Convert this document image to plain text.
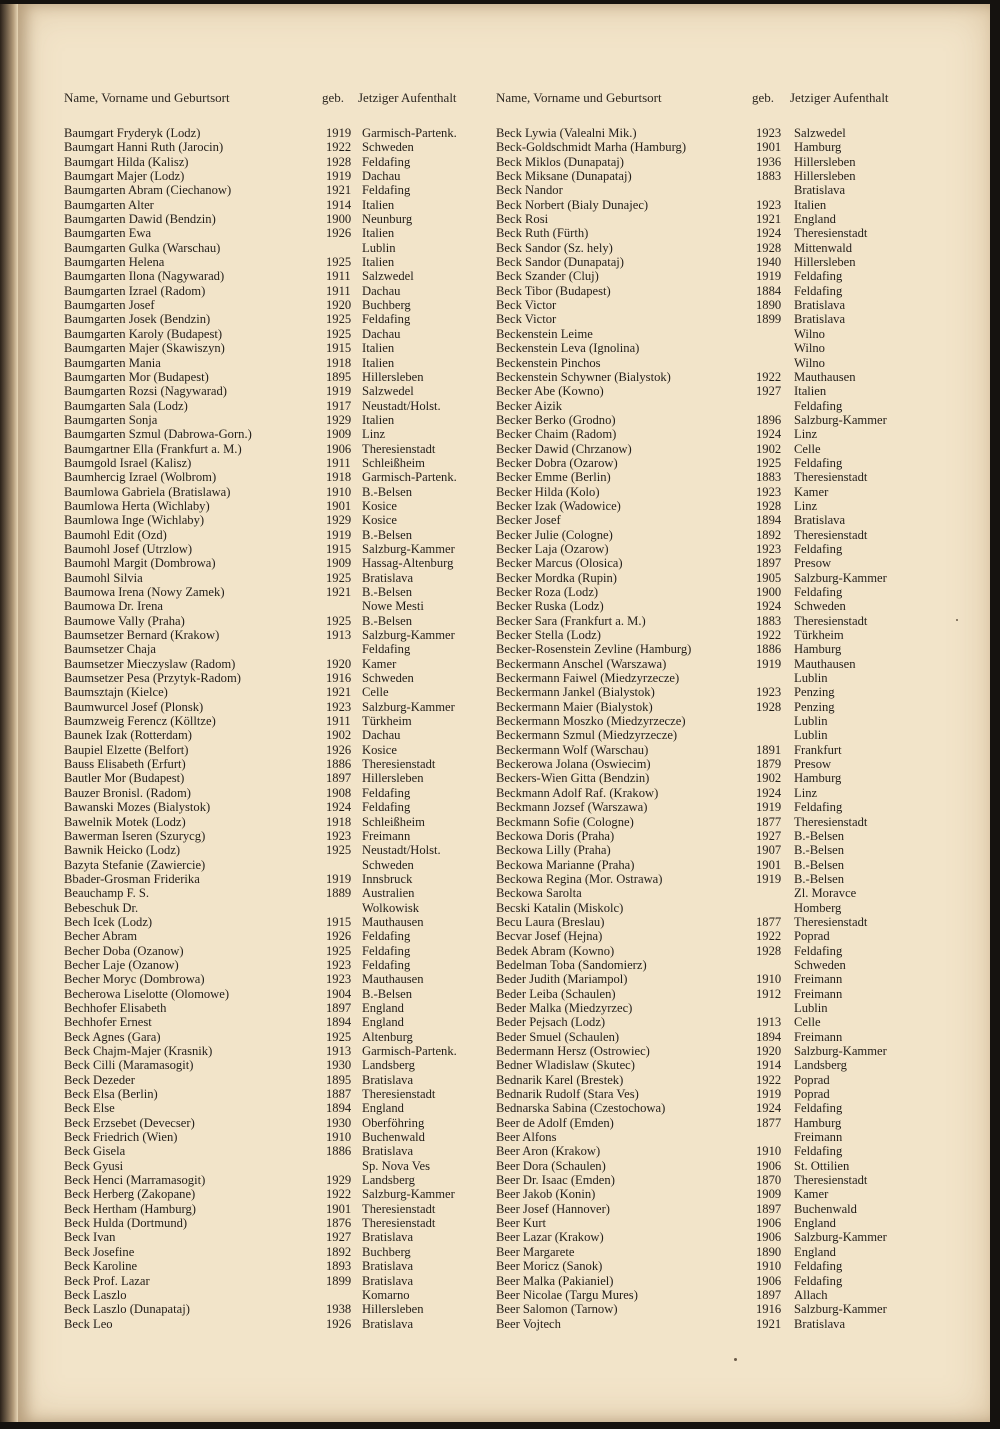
Name, Vorname und Geburtsort	geb. Jetziger Aufenthalt
Baumgart Fryderyk (Lodz)	1919 Garmisch-Partenk.
Baumgart Hanni Ruth (Jarocin)	1922 Schweden
Baumgart Hilda (Kalisz)	1928 Feldafing
Baumgart Majer (Lodz)	1919 Dachau
Baumgarten Abram (Ciechanow)	1921 Feldafing
Baumgarten Alter	1914 Italien
Baumgarten Dawid (Bendzin)	1900 Neunburg
Baumgarten Ewa	1926 Italien
Baumgarten Gulka (Warschau)	Lublin
Baumgarten Helena	1925 Italien
Baumgarten Ilona (Nagywarad)	1911 Salzwedel
Baumgarten Izrael (Radom)	1911 Dachau
Baumgarten Josef	1920 Buchberg
Baumgarten Josek (Bendzin)	1925 Feldafing
Baumgarten Karoly (Budapest)	1925 Dachau
Baumgarten Majer (Skawiszyn)	1915 Italien
Baumgarten Mania	1918 Italien
Baumgarten Mor (Budapest)	1895 Hillersleben
Baumgarten Rozsi (Nagywarad)	1919 Salzwedel
Baumgarten Sala (Lodz)	1917 Neustadt/Holst.
Baumgarten Sonja	1929 Italien
Baumgarten Szmul (Dabrowa-Gorn.)	1909 Linz
Baumgartner Ella (Frankfurt a. M.)	1906 Theresienstadt
Baumgold Israel (Kalisz)	1911 Schleißheim
Baumhercig Izrael (Wolbrom)	1918 Garmisch-Partenk.
Baumlowa Gabriela (Bratislawa)	1910 B.-Belsen
Baumlowa Herta (Wichlaby)	1901 Kosice
Baumlowa Inge (Wichlaby)	1929 Kosice
Baumohl Edit (Ozd)	1919 B.-Belsen
Baumohl Josef (Utrzlow)	1915 Salzburg-Kammer
Baumohl Margit (Dombrowa)	1909 Hassag-Altenburg
Baumohl Silvia	1925 Bratislava
Baumowa Irena (Nowy Zamek)	1921 B.-Belsen
Baumowa Dr. Irena	Nowe Mesti
Baumowe Vally (Praha)	1925 B.-Belsen
Baumsetzer Bernard (Krakow)	1913 Salzburg-Kammer
Baumsetzer Chaja	Feldafing
Baumsetzer Mieczyslaw (Radom)	1920 Kamer
Baumsetzer Pesa (Przytyk-Radom)	1916 Schweden
Baumsztajn (Kielce)	1921 Celle
Baumwurcel Josef (Plonsk)	1923 Salzburg-Kammer
Baumzweig Ferencz (Kölltze)	1911 Türkheim
Baunek Izak (Rotterdam)	1902 Dachau
Baupiel Elzette (Belfort)	1926 Kosice
Bauss Elisabeth (Erfurt)	1886 Theresienstadt
Bautler Mor (Budapest)	1897 Hillersleben
Bauzer Bronisl. (Radom)	1908 Feldafing
Bawanski Mozes (Bialystok)	1924 Feldafing
Bawelnik Motek (Lodz)	1918 Schleißheim
Bawerman Iseren (Szurycg)	1923 Freimann
Bawnik Heicko (Lodz)	1925 Neustadt/Holst.
Bazyta Stefanie (Zawiercie)	Schweden
Bbader-Grosman Friderika	1919 Innsbruck
Beauchamp F. S.	1889 Australien
Bebeschuk Dr.	Wolkowisk
Bech Icek (Lodz)	1915 Mauthausen
Becher Abram	1926 Feldafing
Becher Doba (Ozanow)	1925 Feldafing
Becher Laje (Ozanow)	1923 Feldafing
Becher Moryc (Dombrowa)	1923 Mauthausen
Becherowa Liselotte (Olomowe)	1904 B.-Belsen
Bechhofer Elisabeth	1897 England
Bechhofer Ernest	1894 England
Beck Agnes (Gara)	1925 Altenburg
Beck Chajm-Majer (Krasnik)	1913 Garmisch-Partenk.
Beck Cilli (Maramasogit)	1930 Landsberg
Beck Dezeder	1895 Bratislava
Beck Elsa (Berlin)	1887 Theresienstadt
Beck Else	1894 England
Beck Erzsebet (Devecser)	1930 Oberföhring
Beck Friedrich (Wien)	1910 Buchenwald
Beck Gisela	1886 Bratislava
Beck Gyusi	Sp. Nova Ves
Beck Henci (Marramasogit)	1929 Landsberg
Beck Herberg (Zakopane)	1922 Salzburg-Kammer
Beck Hertham (Hamburg)	1901 Theresienstadt
Beck Hulda (Dortmund)	1876 Theresienstadt
Beck Ivan	1927 Bratislava
Beck Josefine	1892 Buchberg
Beck Karoline	1893 Bratislava
Beck Prof. Lazar	1899 Bratislava
Beck Laszlo	Komarno
Beck Laszlo (Dunapataj)	1938 Hillersleben
Beck Leo	1926 Bratislava
Name, Vorname und Geburtsort	geb. Jetziger Aufenthalt
Beck Lywia (Valealni Mik.)	1923 Salzwedel
Beck-Goldschmidt Marha (Hamburg)	1901 Hamburg
Beck Miklos (Dunapataj)	1936 Hillersleben
Beck Miksane (Dunapataj)	1883 Hillersleben
Beck Nandor	Bratislava
Beck Norbert (Bialy Dunajec)	1923 Italien
Beck Rosi	1921 England
Beck Ruth (Fürth)	1924 Theresienstadt
Beck Sandor (Sz. hely)	1928 Mittenwald
Beck Sandor (Dunapataj)	1940 Hillersleben
Beck Szander (Cluj)	1919 Feldafing
Beck Tibor (Budapest)	1884 Feldafing
Beck Victor	1890 Bratislava
Beck Victor	1899 Bratislava
Beckenstein Leime	Wilno
Beckenstein Leva (Ignolina)	Wilno
Beckenstein Pinchos	Wilno
Beckenstein Schywner (Bialystok)	1922 Mauthausen
Becker Abe (Kowno)	1927 Italien
Becker Aizik	Feldafing
Becker Berko (Grodno)	1896 Salzburg-Kammer
Becker Chaim (Radom)	1924 Linz
Becker Dawid (Chrzanow)	1902 Celle
Becker Dobra (Ozarow)	1925 Feldafing
Becker Emme (Berlin)	1883 Theresienstadt
Becker Hilda (Kolo)	1923 Kamer
Becker Izak (Wadowice)	1928 Linz
Becker Josef	1894 Bratislava
Becker Julie (Cologne)	1892 Theresienstadt
Becker Laja (Ozarow)	1923 Feldafing
Becker Marcus (Olosica)	1897 Presow
Becker Mordka (Rupin)	1905 Salzburg-Kammer
Becker Roza (Lodz)	1900 Feldafing
Becker Ruska (Lodz)	1924 Schweden
Becker Sara (Frankfurt a. M.)	1883 Theresienstadt
Becker Stella (Lodz)	1922 Türkheim
Becker-Rosenstein Zevline (Hamburg)	1886 Hamburg
Beckermann Anschel (Warszawa)	1919 Mauthausen
Beckermann Faiwel (Miedzyrzecze)	Lublin
Beckermann Jankel (Bialystok)	1923 Penzing
Beckermann Maier (Bialystok)	1928 Penzing
Beckermann Moszko (Miedzyrzecze)	Lublin
Beckermann Szmul (Miedzyrzecze)	Lublin
Beckermann Wolf (Warschau)	1891 Frankfurt
Beckerowa Jolana (Oswiecim)	1879 Presow
Beckers-Wien Gitta (Bendzin)	1902 Hamburg
Beckmann Adolf Raf. (Krakow)	1924 Linz
Beckmann Jozsef (Warszawa)	1919 Feldafing
Beckmann Sofie (Cologne)	1877 Theresienstadt
Beckowa Doris (Praha)	1927 B.-Belsen
Beckowa Lilly (Praha)	1907 B.-Belsen
Beckowa Marianne (Praha)	1901 B.-Belsen
Beckowa Regina (Mor. Ostrawa)	1919 B.-Belsen
Beckowa Sarolta	Zl. Moravce
Becski Katalin (Miskolc)	Homberg
Becu Laura (Breslau)	1877 Theresienstadt
Becvar Josef (Hejna)	1922 Poprad
Bedek Abram (Kowno)	1928 Feldafing
Bedelman Toba (Sandomierz)	Schweden
Beder Judith (Mariampol)	1910 Freimann
Beder Leiba (Schaulen)	1912 Freimann
Beder Malka (Miedzyrzec)	Lublin
Beder Pejsach (Lodz)	1913 Celle
Beder Smuel (Schaulen)	1894 Freimann
Bedermann Hersz (Ostrowiec)	1920 Salzburg-Kammer
Bedner Wladislaw (Skutec)	1914 Landsberg
Bednarik Karel (Brestek)	1922 Poprad
Bednarik Rudolf (Stara Ves)	1919 Poprad
Bednarska Sabina (Czestochowa)	1924 Feldafing
Beer de Adolf (Emden)	1877 Hamburg
Beer Alfons	Freimann
Beer Aron (Krakow)	1910 Feldafing
Beer Dora (Schaulen)	1906 St. Ottilien
Beer Dr. Isaac (Emden)	1870 Theresienstadt
Beer Jakob (Konin)	1909 Kamer
Beer Josef (Hannover)	1897 Buchenwald
Beer Kurt	1906 England
Beer Lazar (Krakow)	1906 Salzburg-Kammer
Beer Margarete	1890 England
Beer Moricz (Sanok)	1910 Feldafing
Beer Malka (Pakianiel)	1906 Feldafing
Beer Nicolae (Targu Mures)	1897 Allach
Beer Salomon (Tarnow)	1916 Salzburg-Kammer
Beer Vojtech	1921 Bratislava
